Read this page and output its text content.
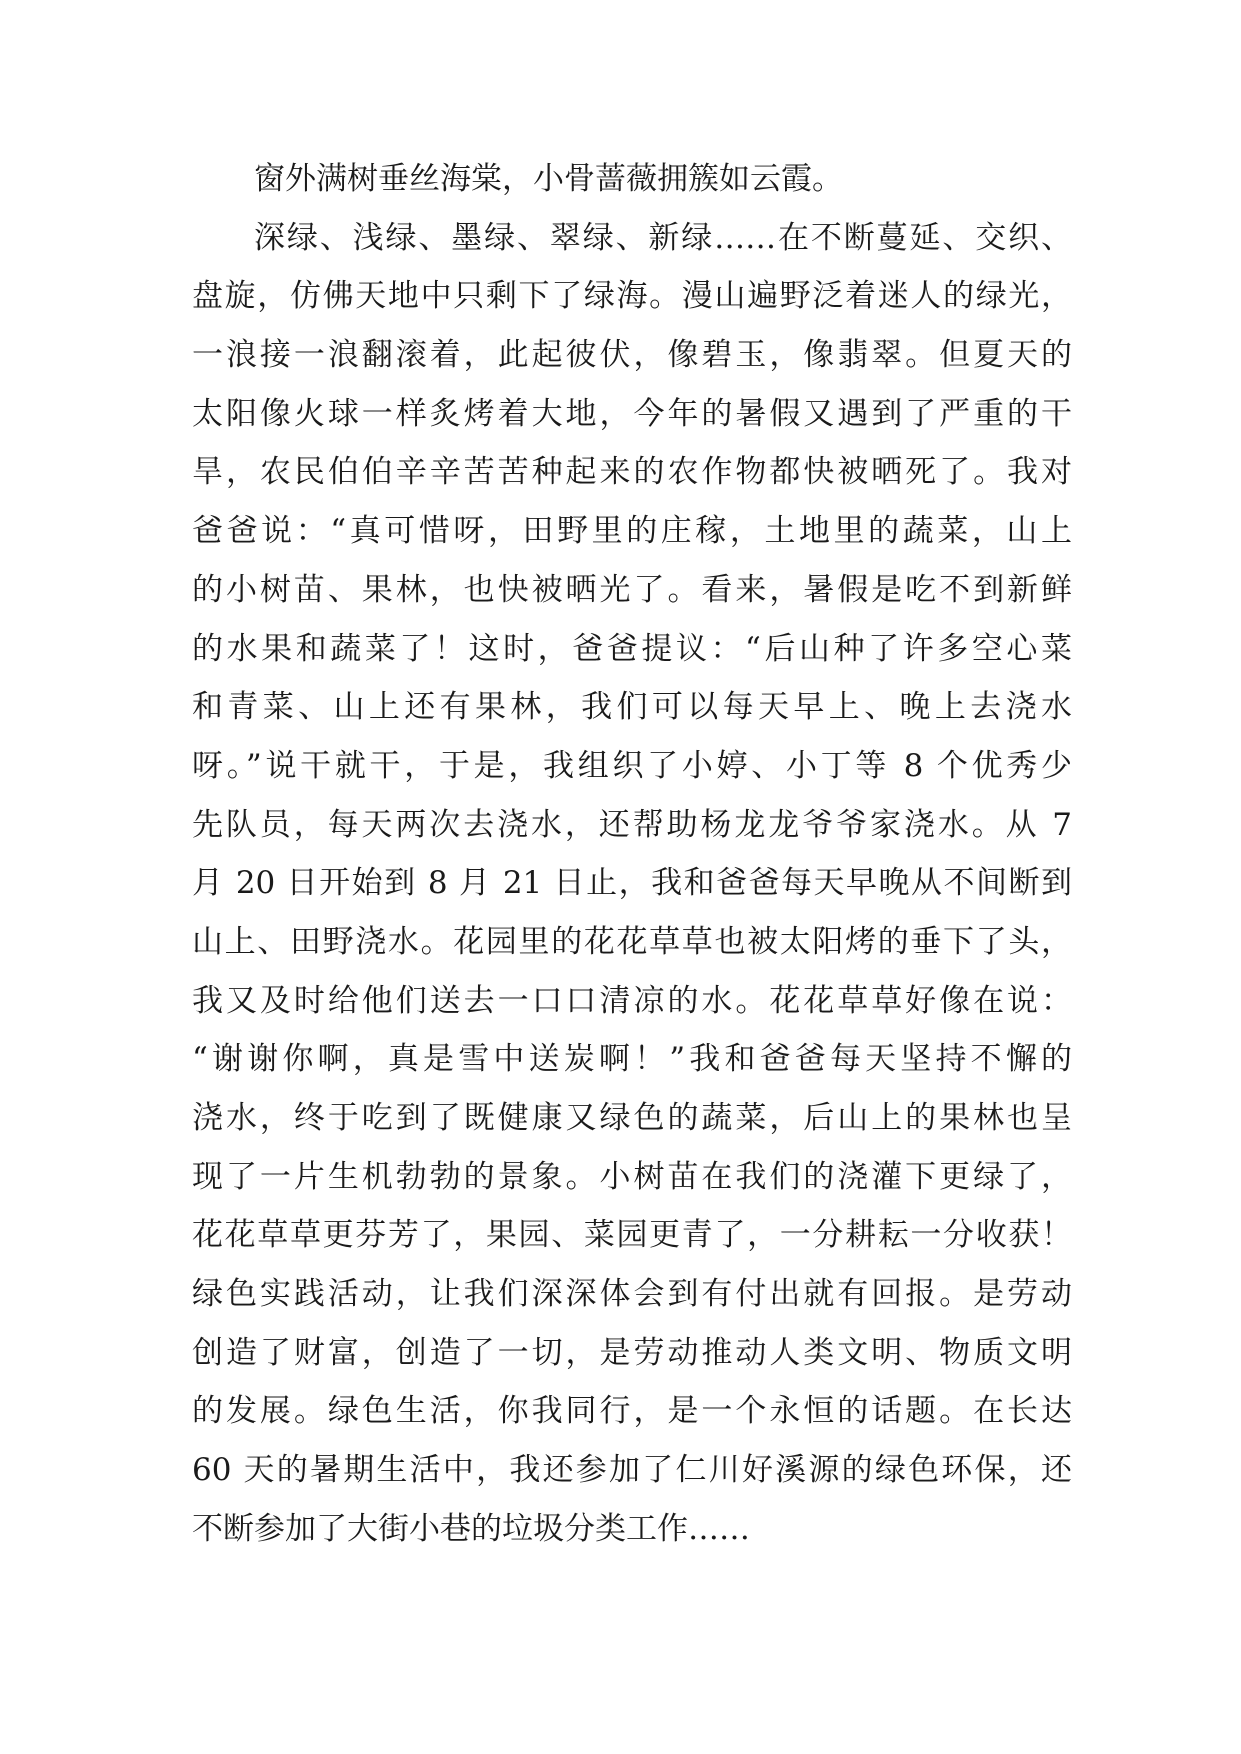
窗外满树垂丝海棠，小骨蔷薇拥簇如云霞。
深绿、浅绿、墨绿、翠绿、新绿……在不断蔓延、交织、
盘旋，仿佛天地中只剩下了绿海。漫山遍野泛着迷人的绿光，
一浪接一浪翻滚着，此起彼伏，像碧玉，像翡翠。但夏天的
太阳像火球一样炙烤着大地，今年的暑假又遇到了严重的干
旱，农民伯伯辛辛苦苦种起来的农作物都快被晒死了。我对
爸爸说：“真可惜呀，田野里的庄稼，土地里的蔬菜，山上
的小树苗、果林，也快被晒光了。看来，暑假是吃不到新鲜
的水果和蔬菜了！这时，爸爸提议：“后山种了许多空心菜
和青菜、山上还有果林，我们可以每天早上、晚上去浇水
呀。”说干就干，于是，我组织了小婷、小丁等 8 个优秀少
先队员，每天两次去浇水，还帮助杨龙龙爷爷家浇水。从 7
月 20 日开始到 8 月 21 日止，我和爸爸每天早晚从不间断到
山上、田野浇水。花园里的花花草草也被太阳烤的垂下了头，
我又及时给他们送去一口口清凉的水。花花草草好像在说：
“谢谢你啊，真是雪中送炭啊！”我和爸爸每天坚持不懈的
浇水，终于吃到了既健康又绿色的蔬菜，后山上的果林也呈
现了一片生机勃勃的景象。小树苗在我们的浇灌下更绿了，
花花草草更芬芳了，果园、菜园更青了，一分耕耘一分收获！
绿色实践活动，让我们深深体会到有付出就有回报。是劳动
创造了财富，创造了一切，是劳动推动人类文明、物质文明
的发展。绿色生活，你我同行，是一个永恒的话题。在长达
60 天的暑期生活中，我还参加了仁川好溪源的绿色环保，还
不断参加了大街小巷的垃圾分类工作……
